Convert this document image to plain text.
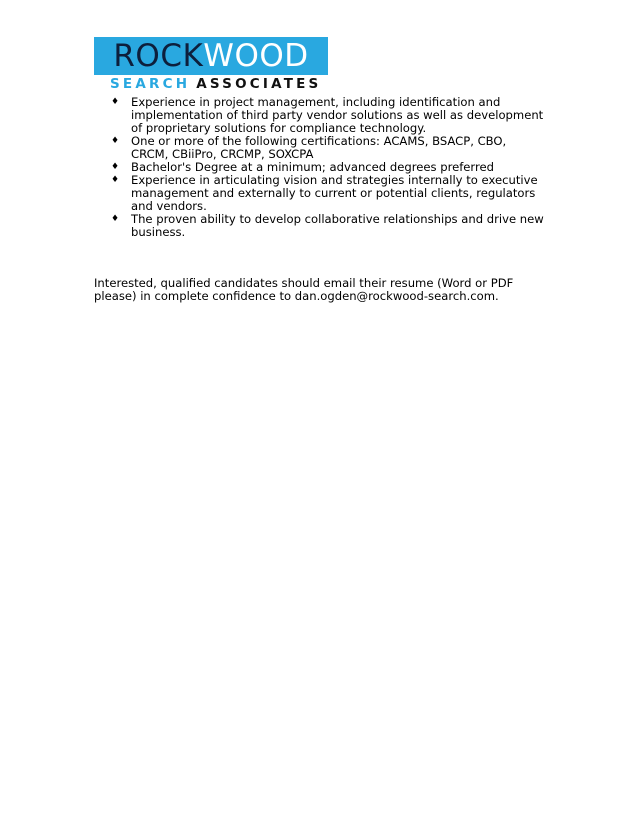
ROCK WOOD
SEARCH ASSOCIATES
♦ Experience in project management, including identification and implementation of third party vendor solutions as well as development of proprietary solutions for compliance technology.
♦ One or more of the following certifications: ACAMS, BSACP, CBO, CRCM, CBiiPro, CRCMP, SOXCPA
♦ Bachelor's Degree at a minimum; advanced degrees preferred
♦ Experience in articulating vision and strategies internally to executive management and externally to current or potential clients, regulators and vendors.
♦ The proven ability to develop collaborative relationships and drive new business.

Interested, qualified candidates should email their resume (Word or PDF please) in complete confidence to dan.ogden@rockwood-search.com.
